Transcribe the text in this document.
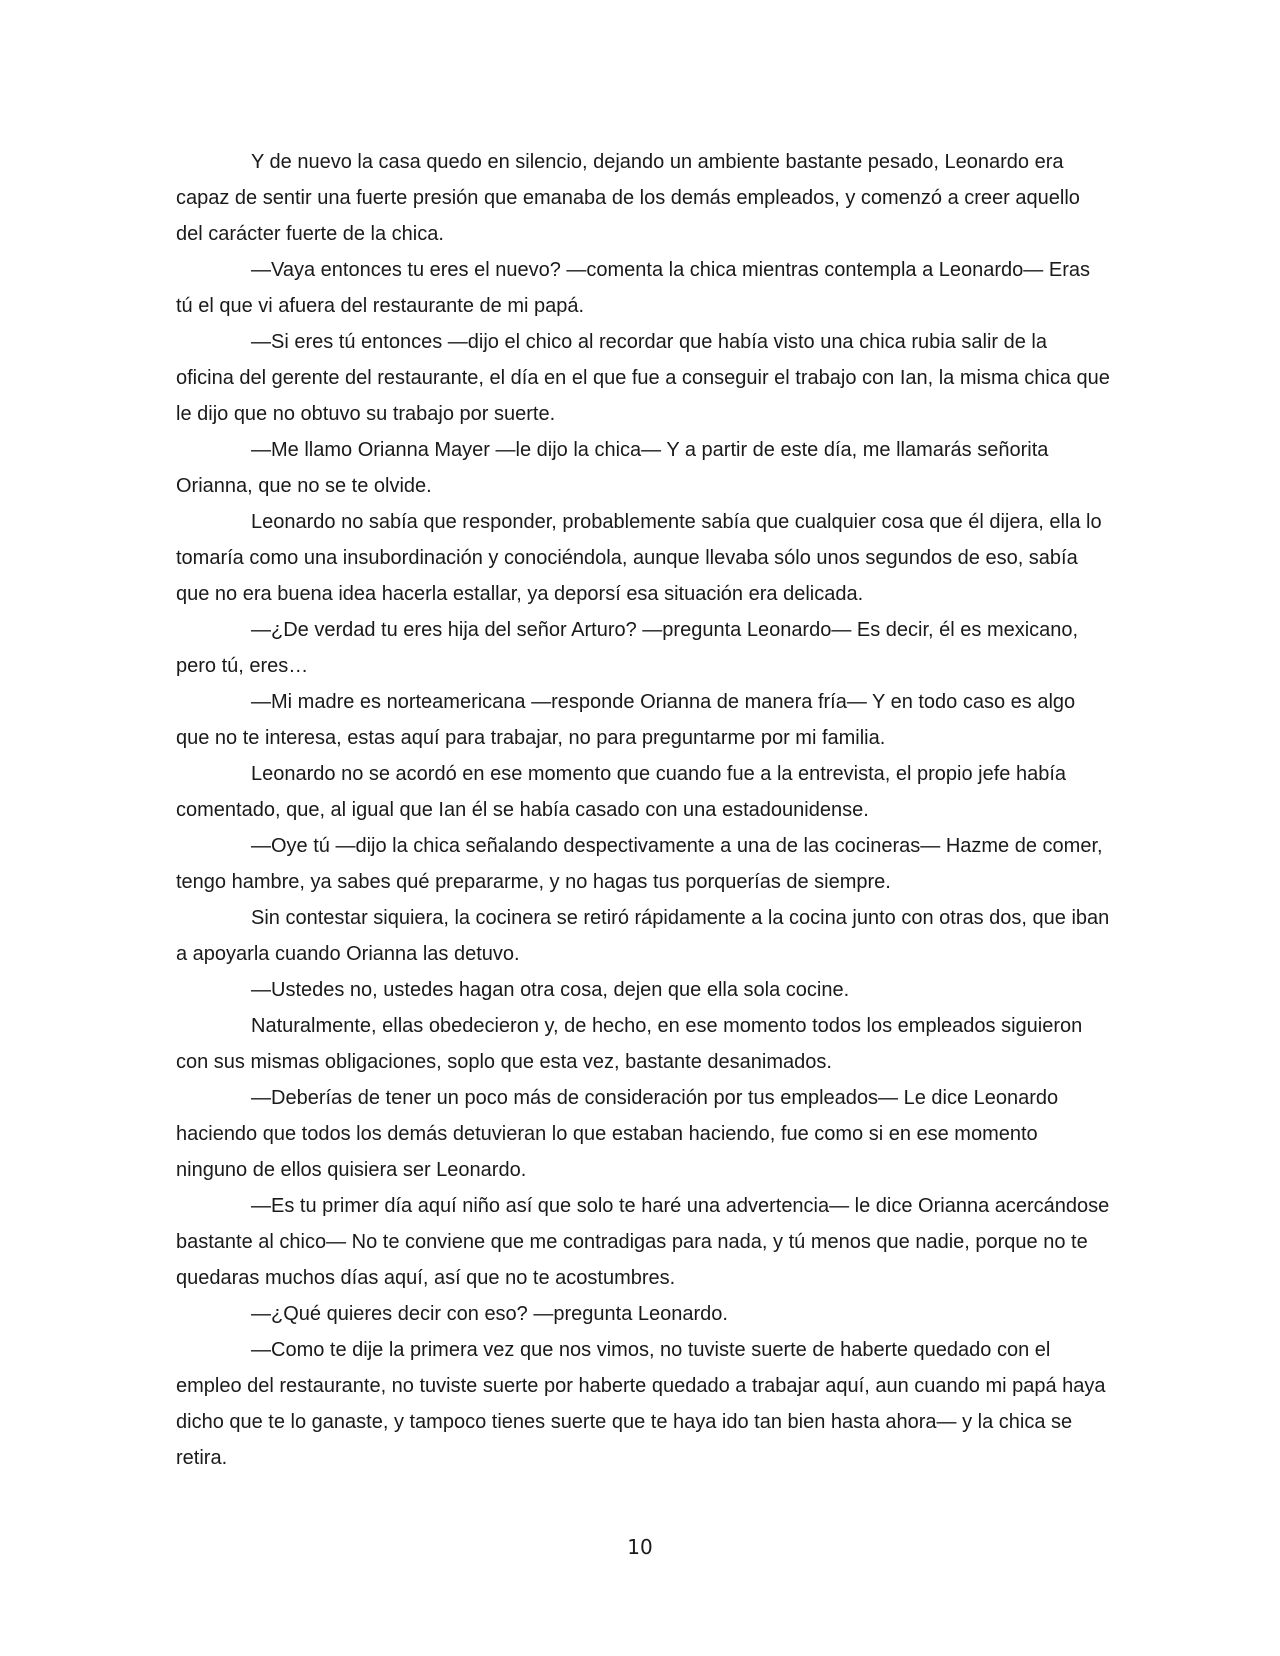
Y de nuevo la casa quedo en silencio, dejando un ambiente bastante pesado, Leonardo era capaz de sentir una fuerte presión que emanaba de los demás empleados, y comenzó a creer aquello del carácter fuerte de la chica.

—Vaya entonces tu eres el nuevo? —comenta la chica mientras contempla a Leonardo— Eras tú el que vi afuera del restaurante de mi papá.

—Si eres tú entonces —dijo el chico al recordar que había visto una chica rubia salir de la oficina del gerente del restaurante, el día en el que fue a conseguir el trabajo con Ian, la misma chica que le dijo que no obtuvo su trabajo por suerte.

—Me llamo Orianna Mayer —le dijo la chica— Y a partir de este día, me llamarás señorita Orianna, que no se te olvide.

Leonardo no sabía que responder, probablemente sabía que cualquier cosa que él dijera, ella lo tomaría como una insubordinación y conociéndola, aunque llevaba sólo unos segundos de eso, sabía que no era buena idea hacerla estallar, ya deporsí esa situación era delicada.

—¿De verdad tu eres hija del señor Arturo? —pregunta Leonardo— Es decir, él es mexicano, pero tú, eres…

—Mi madre es norteamericana —responde Orianna de manera fría— Y en todo caso es algo que no te interesa, estas aquí para trabajar, no para preguntarme por mi familia.

Leonardo no se acordó en ese momento que cuando fue a la entrevista, el propio jefe había comentado, que, al igual que Ian él se había casado con una estadounidense.

—Oye tú —dijo la chica señalando despectivamente a una de las cocineras— Hazme de comer, tengo hambre, ya sabes qué prepararme, y no hagas tus porquerías de siempre.

Sin contestar siquiera, la cocinera se retiró rápidamente a la cocina junto con otras dos, que iban a apoyarla cuando Orianna las detuvo.

—Ustedes no, ustedes hagan otra cosa, dejen que ella sola cocine.

Naturalmente, ellas obedecieron y, de hecho, en ese momento todos los empleados siguieron con sus mismas obligaciones, soplo que esta vez, bastante desanimados.

—Deberías de tener un poco más de consideración por tus empleados— Le dice Leonardo haciendo que todos los demás detuvieran lo que estaban haciendo, fue como si en ese momento ninguno de ellos quisiera ser Leonardo.

—Es tu primer día aquí niño así que solo te haré una advertencia— le dice Orianna acercándose bastante al chico— No te conviene que me contradigas para nada, y tú menos que nadie, porque no te quedaras muchos días aquí, así que no te acostumbres.

—¿Qué quieres decir con eso? —pregunta Leonardo.

—Como te dije la primera vez que nos vimos, no tuviste suerte de haberte quedado con el empleo del restaurante, no tuviste suerte por haberte quedado a trabajar aquí, aun cuando mi papá haya dicho que te lo ganaste, y tampoco tienes suerte que te haya ido tan bien hasta ahora— y la chica se retira.

10
